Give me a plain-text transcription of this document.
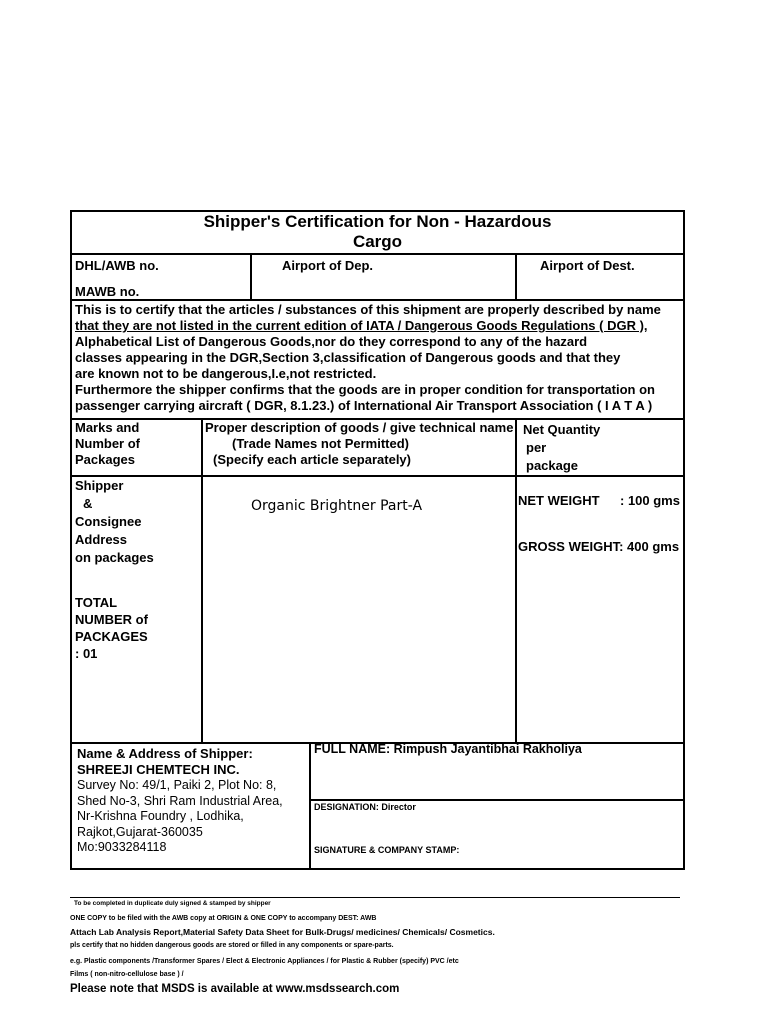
Shipper's Certification for Non - Hazardous
Cargo
DHL/AWB no.
MAWB no.
Airport of Dep.	Airport of Dest.
This is to certify that the articles / substances of this shipment are properly described by name
that they are not listed in the current edition of IATA / Dangerous Goods Regulations ( DGR ),
Alphabetical List of Dangerous Goods,nor do they correspond to any of the hazard
classes appearing in the DGR,Section 3,classification of Dangerous goods and that they
are known not to be dangerous,I.e,not restricted.
Furthermore the shipper confirms that the goods are in proper condition for transportation on
passenger carrying aircraft ( DGR, 8.1.23.) of International Air Transport Association ( I A T A )
Marks and
Number of
Packages
Proper description of goods / give technical name
(Trade Names not Permitted)
(Specify each article separately)
Net Quantity
per
package
Shipper
&
Consignee
Address
on packages
TOTAL
NUMBER of
PACKAGES
: 01
Organic Brightner Part-A	NET WEIGHT : 100 gms
GROSS WEIGHT: 400 gms
Name & Address of Shipper:
SHREEJI CHEMTECH INC.
Survey No: 49/1, Paiki 2, Plot No: 8,
Shed No-3, Shri Ram Industrial Area,
Nr-Krishna Foundry , Lodhika,
Rajkot,Gujarat-360035
Mo:9033284118
FULL NAME: Rimpush Jayantibhai Rakholiya
DESIGNATION: Director
SIGNATURE & COMPANY STAMP:
To be completed in duplicate duly signed & stamped by shipper
ONE COPY to be filed with the AWB copy at ORIGIN & ONE COPY to accompany DEST: AWB
Attach Lab Analysis Report,Material Safety Data Sheet for Bulk-Drugs/ medicines/ Chemicals/ Cosmetics.
pls certify that no hidden dangerous goods are stored or filled in any components or spare-parts.
e.g. Plastic components /Transformer Spares / Elect & Electronic Appliances / for Plastic & Rubber (specify) PVC /etc
Films ( non-nitro-cellulose base ) /
Please note that MSDS is available at www.msdssearch.com
